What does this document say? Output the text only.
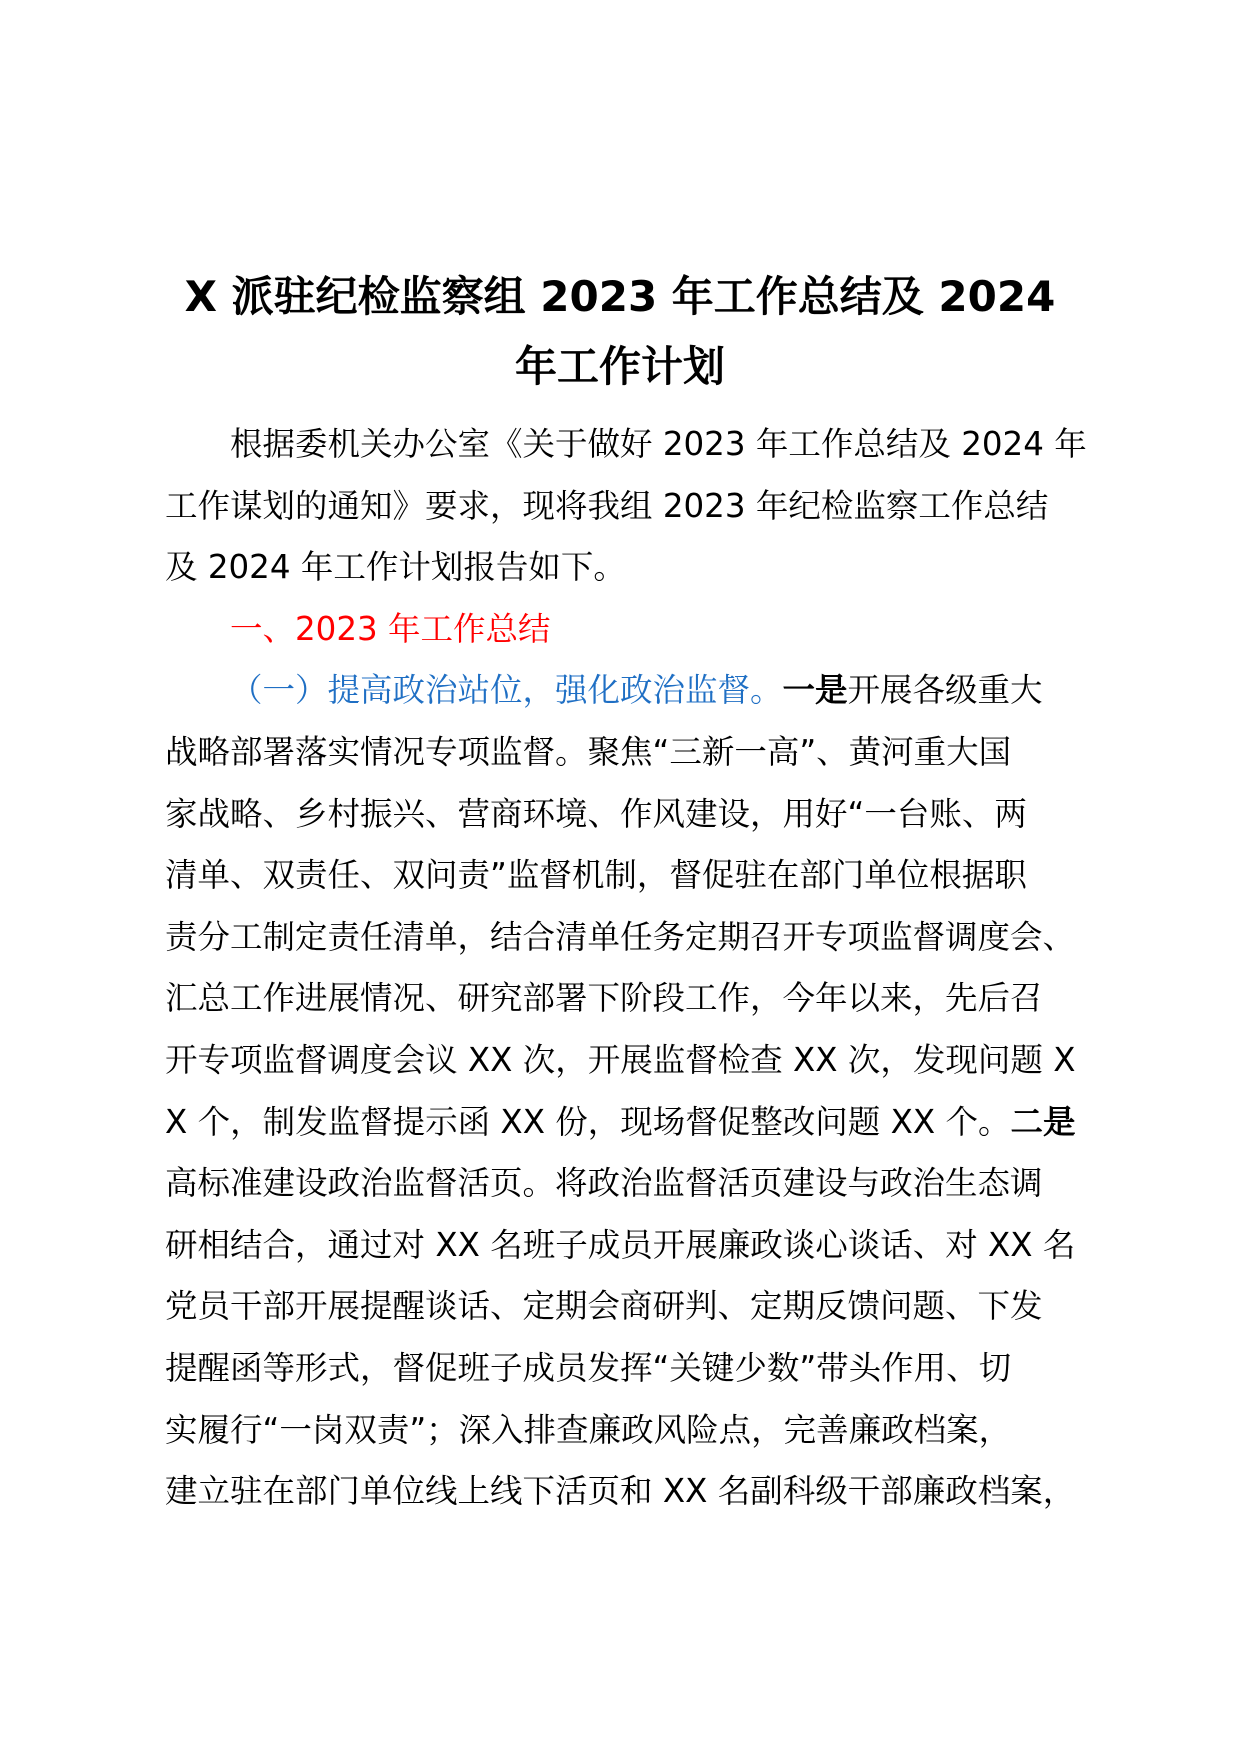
X 派驻纪检监察组 2023 年工作总结及 2024
年工作计划
根据委机关办公室《关于做好 2023 年工作总结及 2024 年
工作谋划的通知》要求，现将我组 2023 年纪检监察工作总结
及 2024 年工作计划报告如下。
一、2023 年工作总结
（一）提高政治站位，强化政治监督。一是开展各级重大
战略部署落实情况专项监督。聚焦“三新一高”、黄河重大国
家战略、乡村振兴、营商环境、作风建设，用好“一台账、两
清单、双责任、双问责”监督机制，督促驻在部门单位根据职
责分工制定责任清单，结合清单任务定期召开专项监督调度会、
汇总工作进展情况、研究部署下阶段工作，今年以来，先后召
开专项监督调度会议 XX 次，开展监督检查 XX 次，发现问题 X
X 个，制发监督提示函 XX 份，现场督促整改问题 XX 个。二是
高标准建设政治监督活页。将政治监督活页建设与政治生态调
研相结合，通过对 XX 名班子成员开展廉政谈心谈话、对 XX 名
党员干部开展提醒谈话、定期会商研判、定期反馈问题、下发
提醒函等形式，督促班子成员发挥“关键少数”带头作用、切
实履行“一岗双责”；深入排查廉政风险点，完善廉政档案，
建立驻在部门单位线上线下活页和 XX 名副科级干部廉政档案，
